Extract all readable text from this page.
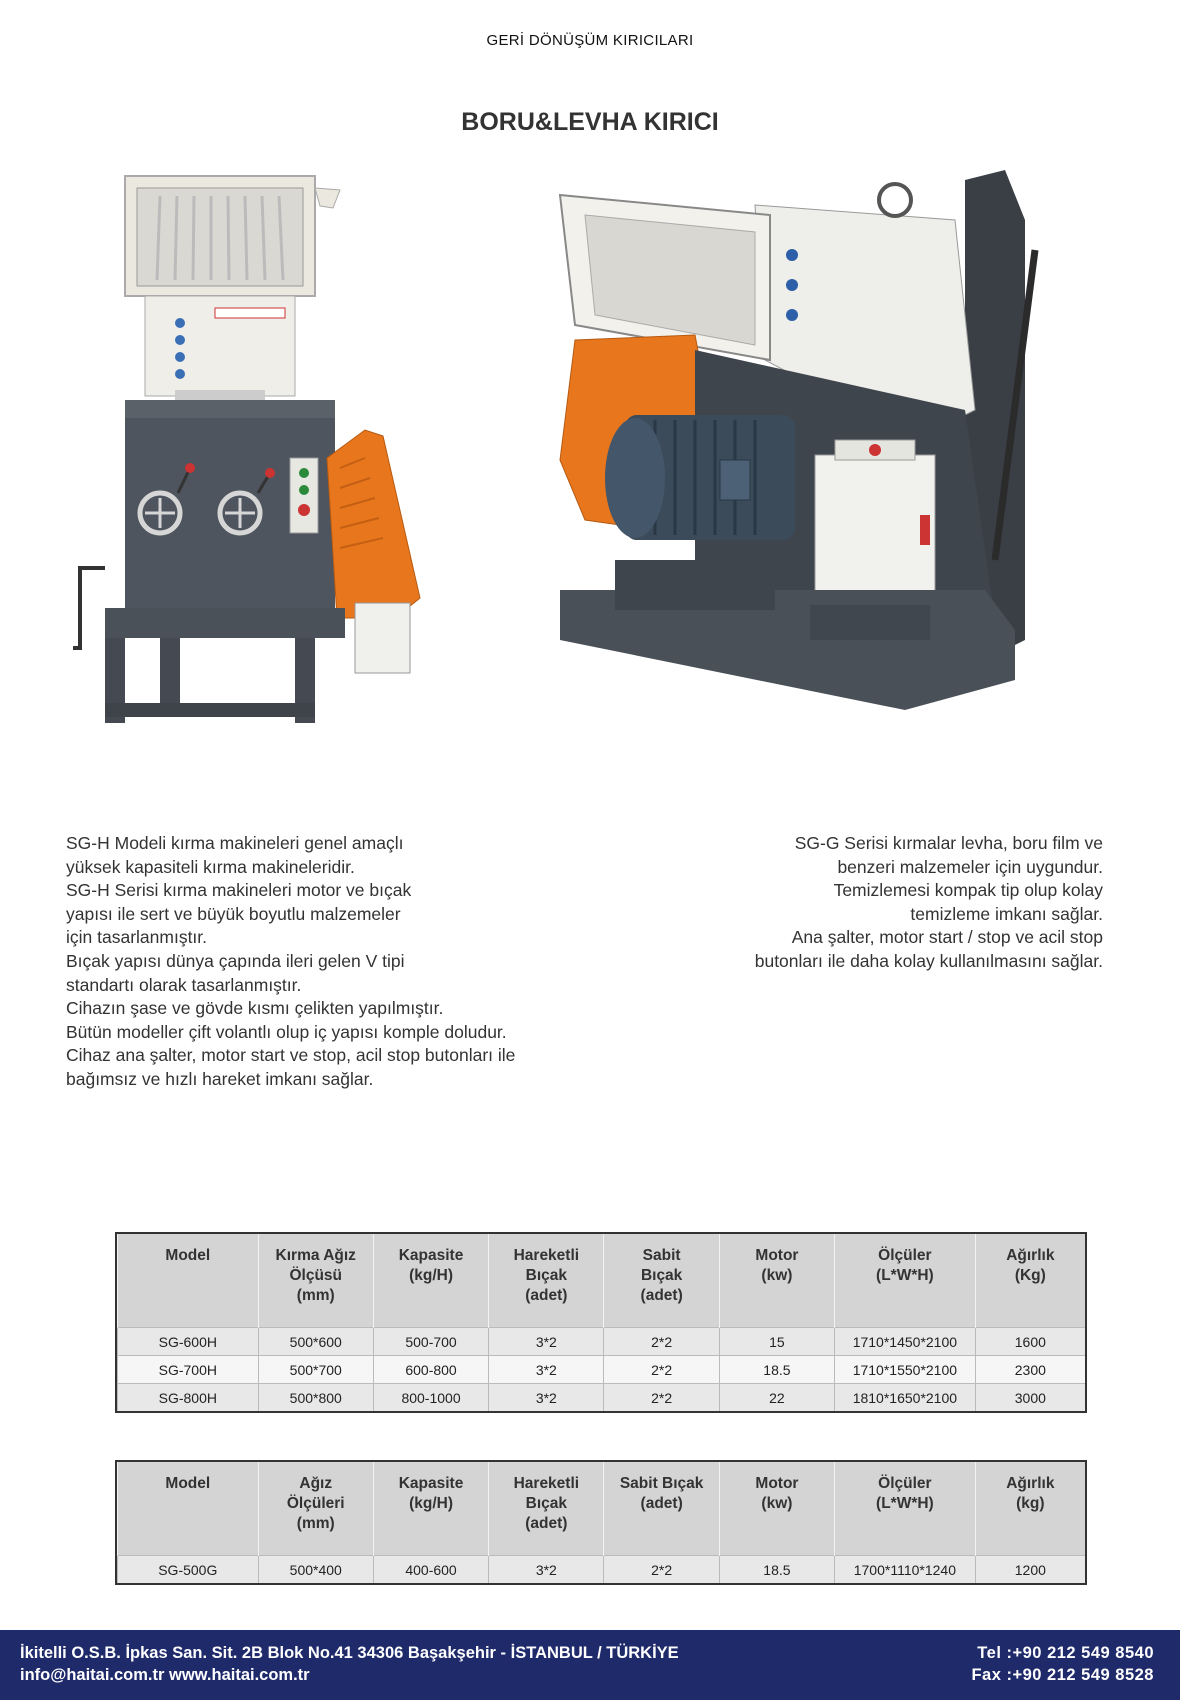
GERİ DÖNÜŞÜM KIRICILARI
BORU&LEVHA KIRICI

SG-H Modeli kırma makineleri genel amaçlı

yüksek kapasiteli kırma makineleridir.

SG-H Serisi kırma makineleri motor ve bıçak

yapısı ile sert ve büyük boyutlu malzemeler

için tasarlanmıştır.

Bıçak yapısı dünya çapında ileri gelen V tipi

standartı olarak tasarlanmıştır.

Cihazın şase ve gövde kısmı çelikten yapılmıştır.

Bütün modeller çift volantlı olup iç yapısı komple doludur.

Cihaz ana şalter, motor start ve stop, acil stop butonları ile

bağımsız ve hızlı hareket imkanı sağlar.

SG-G Serisi kırmalar levha, boru film ve

benzeri malzemeler için uygundur.

Temizlemesi kompak tip olup kolay

temizleme imkanı sağlar.

Ana şalter, motor start / stop ve acil stop

butonları ile daha kolay kullanılmasını sağlar.

Model	Kırma Ağız
Ölçüsü
(mm)	Kapasite
(kg/H)	Hareketli
Bıçak
(adet)	Sabit
Bıçak
(adet)	Motor
(kw)	Ölçüler
(L*W*H)	Ağırlık
(Kg)
SG-600H	500*600	500-700	3*2	2*2	15	1710*1450*2100	1600
SG-700H	500*700	600-800	3*2	2*2	18.5	1710*1550*2100	2300
SG-800H	500*800	800-1000	3*2	2*2	22	1810*1650*2100	3000
Model	Ağız
Ölçüleri
(mm)	Kapasite
(kg/H)	Hareketli
Bıçak
(adet)	Sabit Bıçak
(adet)	Motor
(kw)	Ölçüler
(L*W*H)	Ağırlık
(kg)
SG-500G	500*400	400-600	3*2	2*2	18.5	1700*1110*1240	1200
İkitelli O.S.B. İpkas San. Sit. 2B Blok No.41 34306 Başakşehir - İSTANBUL / TÜRKİYE
info@haitai.com.tr www.haitai.com.tr
Tel :+90 212 549 8540
Fax :+90 212 549 8528
